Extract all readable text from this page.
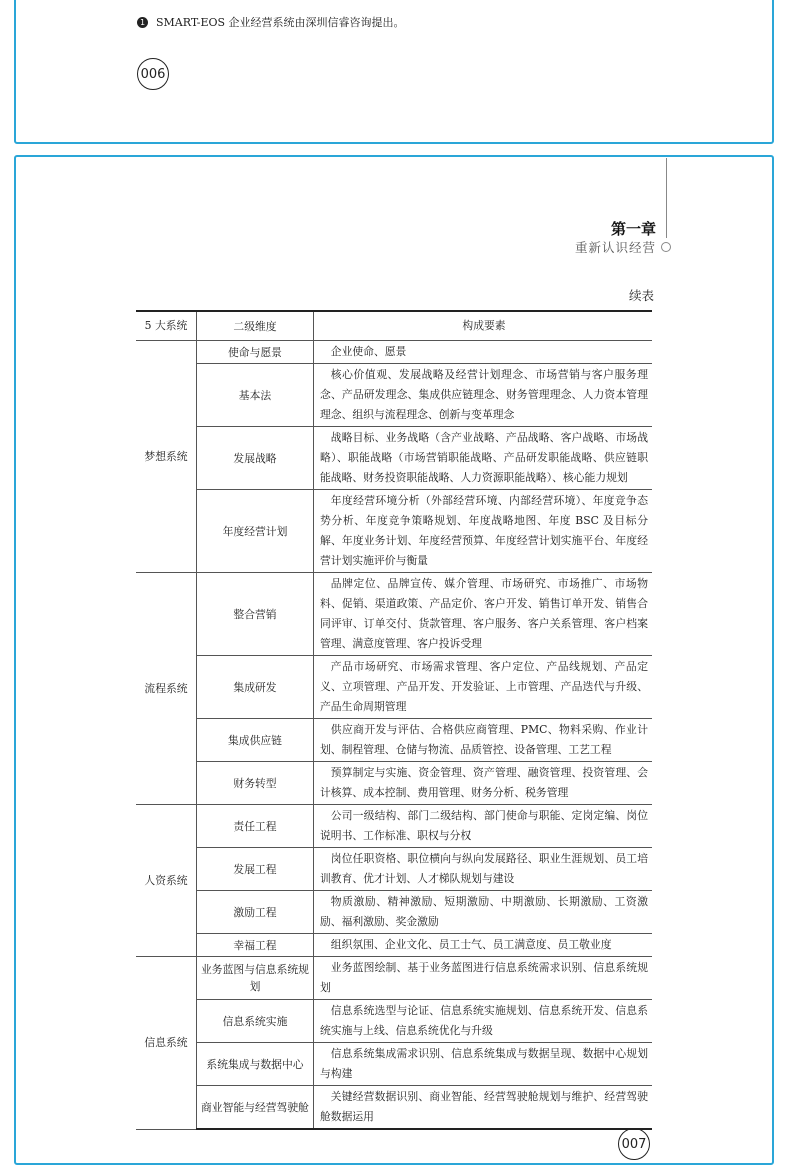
1 SMART-EOS 企业经营系统由深圳信睿咨询提出。
006
第一章
重新认识经营
续表
5 大系统	二级维度	构成要素
梦想系统	使命与愿景	企业使命、愿景

	基本法	核心价值观、发展战略及经营计划理念、市场营销与客户服务理念、产品研发理念、集成供应链理念、财务管理理念、人力资本管理理念、组织与流程理念、创新与变革理念

	发展战略	战略目标、业务战略（含产业战略、产品战略、客户战略、市场战略）、职能战略（市场营销职能战略、产品研发职能战略、供应链职能战略、财务投资职能战略、人力资源职能战略）、核心能力规划

	年度经营计划	年度经营环境分析（外部经营环境、内部经营环境）、年度竞争态势分析、年度竞争策略规划、年度战略地图、年度 BSC 及目标分解、年度业务计划、年度经营预算、年度经营计划实施平台、年度经营计划实施评价与衡量

流程系统	整合营销	品牌定位、品牌宣传、媒介管理、市场研究、市场推广、市场物料、促销、渠道政策、产品定价、客户开发、销售订单开发、销售合同评审、订单交付、货款管理、客户服务、客户关系管理、客户档案管理、满意度管理、客户投诉受理

	集成研发	产品市场研究、市场需求管理、客户定位、产品线规划、产品定义、立项管理、产品开发、开发验证、上市管理、产品迭代与升级、产品生命周期管理

	集成供应链	供应商开发与评估、合格供应商管理、PMC、物料采购、作业计划、制程管理、仓储与物流、品质管控、设备管理、工艺工程

	财务转型	预算制定与实施、资金管理、资产管理、融资管理、投资管理、会计核算、成本控制、费用管理、财务分析、税务管理

人资系统	责任工程	公司一级结构、部门二级结构、部门使命与职能、定岗定编、岗位说明书、工作标准、职权与分权

	发展工程	岗位任职资格、职位横向与纵向发展路径、职业生涯规划、员工培训教育、优才计划、人才梯队规划与建设

	激励工程	物质激励、精神激励、短期激励、中期激励、长期激励、工资激励、福利激励、奖金激励

	幸福工程	组织氛围、企业文化、员工士气、员工满意度、员工敬业度

信息系统	业务蓝图与信息系统规划	业务蓝图绘制、基于业务蓝图进行信息系统需求识别、信息系统规划

	信息系统实施	信息系统选型与论证、信息系统实施规划、信息系统开发、信息系统实施与上线、信息系统优化与升级

	系统集成与数据中心	信息系统集成需求识别、信息系统集成与数据呈现、数据中心规划与构建

	商业智能与经营驾驶舱	关键经营数据识别、商业智能、经营驾驶舱规划与维护、经营驾驶舱数据运用
007
